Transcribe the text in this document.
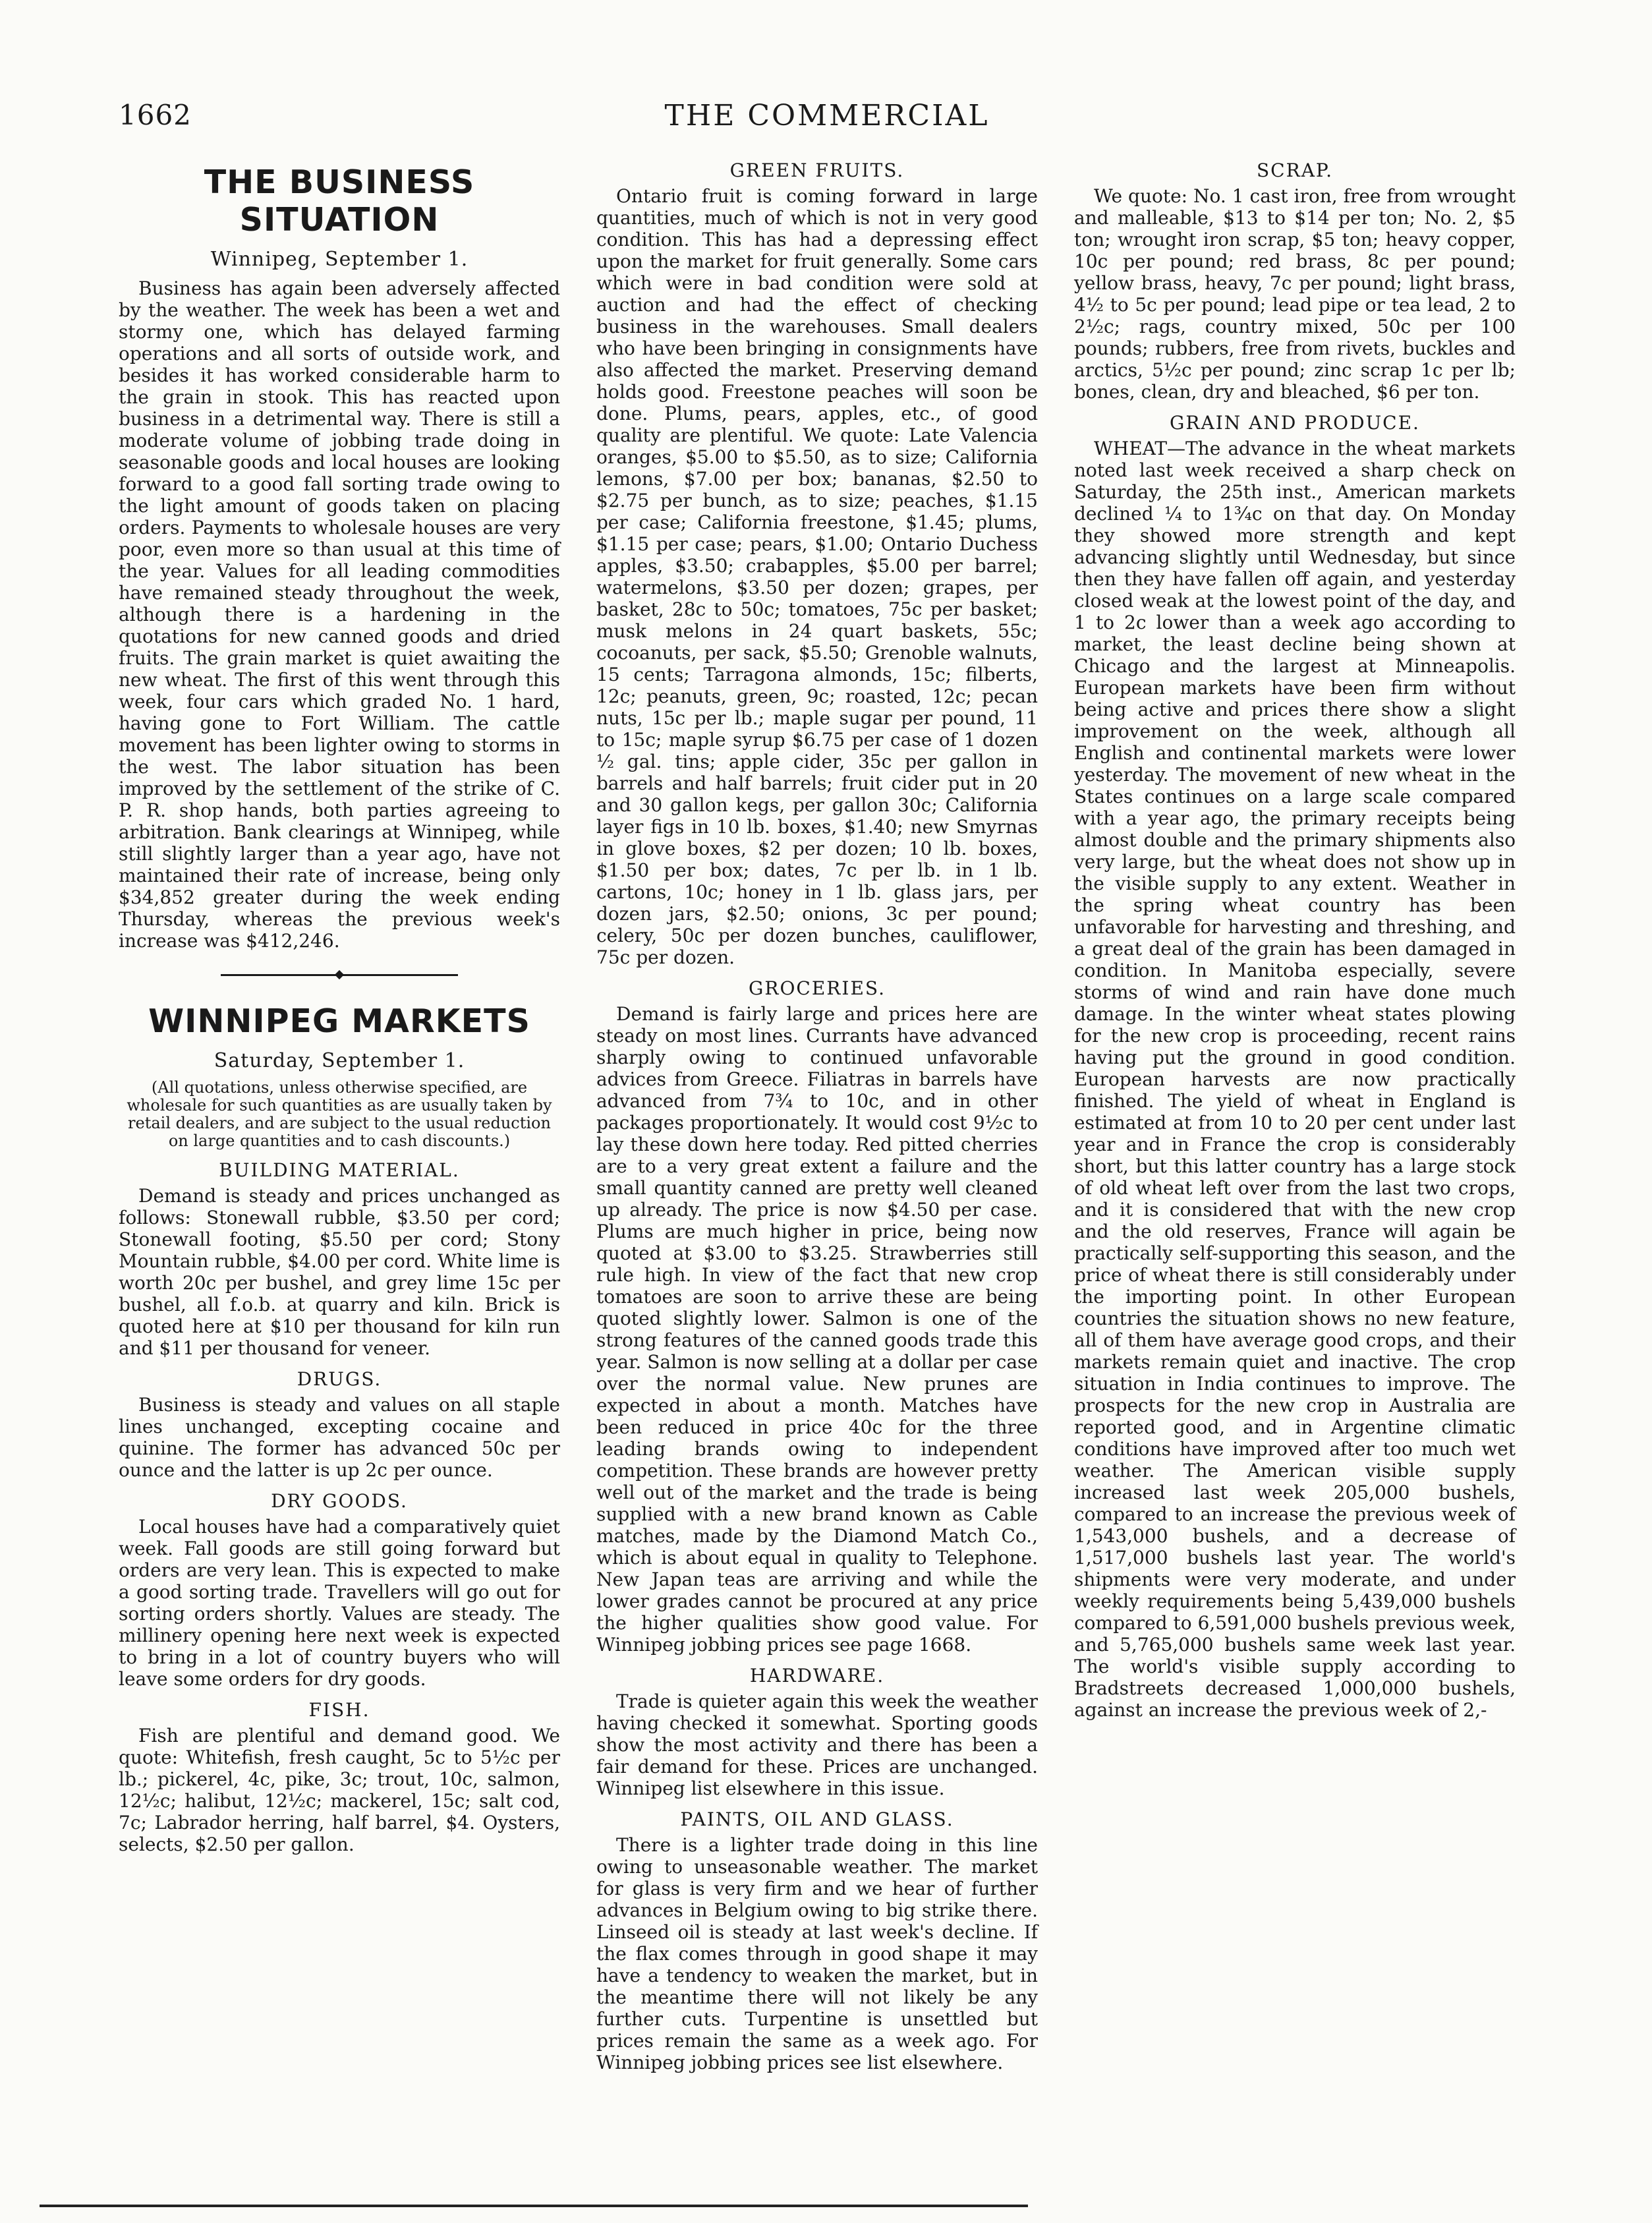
THE COMMERCIAL
1662
THE BUSINESS SITUATION
Winnipeg, September 1.

Business has again been adversely affected by the weather. The week has been a wet and stormy one, which has delayed farming operations and all sorts of outside work, and besides it has worked considerable harm to the grain in stook. This has reacted upon business in a detrimental way. There is still a moderate volume of jobbing trade doing in seasonable goods and local houses are looking forward to a good fall sorting trade owing to the light amount of goods taken on placing orders. Payments to wholesale houses are very poor, even more so than usual at this time of the year. Values for all leading commodities have remained steady throughout the week, although there is a hardening in the quotations for new canned goods and dried fruits. The grain market is quiet awaiting the new wheat. The first of this went through this week, four cars which graded No. 1 hard, having gone to Fort William. The cattle movement has been lighter owing to storms in the west. The labor situation has been improved by the settlement of the strike of C. P. R. shop hands, both parties agreeing to arbitration. Bank clearings at Winnipeg, while still slightly larger than a year ago, have not maintained their rate of increase, being only $34,852 greater during the week ending Thursday, whereas the previous week's increase was $412,246.

WINNIPEG MARKETS
Saturday, September 1.
(All quotations, unless otherwise specified, are wholesale for such quantities as are usually taken by retail dealers, and are subject to the usual reduction on large quantities and to cash discounts.)
BUILDING MATERIAL.

Demand is steady and prices unchanged as follows: Stonewall rubble, $3.50 per cord; Stonewall footing, $5.50 per cord; Stony Mountain rubble, $4.00 per cord. White lime is worth 20c per bushel, and grey lime 15c per bushel, all f.o.b. at quarry and kiln. Brick is quoted here at $10 per thousand for kiln run and $11 per thousand for veneer.

DRUGS.

Business is steady and values on all staple lines unchanged, excepting cocaine and quinine. The former has advanced 50c per ounce and the latter is up 2c per ounce.

DRY GOODS.

Local houses have had a comparatively quiet week. Fall goods are still going forward but orders are very lean. This is expected to make a good sorting trade. Travellers will go out for sorting orders shortly. Values are steady. The millinery opening here next week is expected to bring in a lot of country buyers who will leave some orders for dry goods.

FISH.

Fish are plentiful and demand good. We quote: Whitefish, fresh caught, 5c to 5½c per lb.; pickerel, 4c, pike, 3c; trout, 10c, salmon, 12½c; halibut, 12½c; mackerel, 15c; salt cod, 7c; Labrador herring, half barrel, $4. Oysters, selects, $2.50 per gallon.

GREEN FRUITS.

Ontario fruit is coming forward in large quantities, much of which is not in very good condition. This has had a depressing effect upon the market for fruit generally. Some cars which were in bad condition were sold at auction and had the effect of checking business in the warehouses. Small dealers who have been bringing in consignments have also affected the market. Preserving demand holds good. Freestone peaches will soon be done. Plums, pears, apples, etc., of good quality are plentiful. We quote: Late Valencia oranges, $5.00 to $5.50, as to size; California lemons, $7.00 per box; bananas, $2.50 to $2.75 per bunch, as to size; peaches, $1.15 per case; California freestone, $1.45; plums, $1.15 per case; pears, $1.00; Ontario Duchess apples, $3.50; crabapples, $5.00 per barrel; watermelons, $3.50 per dozen; grapes, per basket, 28c to 50c; tomatoes, 75c per basket; musk melons in 24 quart baskets, 55c; cocoanuts, per sack, $5.50; Grenoble walnuts, 15 cents; Tarragona almonds, 15c; filberts, 12c; peanuts, green, 9c; roasted, 12c; pecan nuts, 15c per lb.; maple sugar per pound, 11 to 15c; maple syrup $6.75 per case of 1 dozen ½ gal. tins; apple cider, 35c per gallon in barrels and half barrels; fruit cider put in 20 and 30 gallon kegs, per gallon 30c; California layer figs in 10 lb. boxes, $1.40; new Smyrnas in glove boxes, $2 per dozen; 10 lb. boxes, $1.50 per box; dates, 7c per lb. in 1 lb. cartons, 10c; honey in 1 lb. glass jars, per dozen jars, $2.50; onions, 3c per pound; celery, 50c per dozen bunches, cauliflower, 75c per dozen.

GROCERIES.

Demand is fairly large and prices here are steady on most lines. Currants have advanced sharply owing to continued unfavorable advices from Greece. Filiatras in barrels have advanced from 7¾ to 10c, and in other packages proportionately. It would cost 9½c to lay these down here today. Red pitted cherries are to a very great extent a failure and the small quantity canned are pretty well cleaned up already. The price is now $4.50 per case. Plums are much higher in price, being now quoted at $3.00 to $3.25. Strawberries still rule high. In view of the fact that new crop tomatoes are soon to arrive these are being quoted slightly lower. Salmon is one of the strong features of the canned goods trade this year. Salmon is now selling at a dollar per case over the normal value. New prunes are expected in about a month. Matches have been reduced in price 40c for the three leading brands owing to independent competition. These brands are however pretty well out of the market and the trade is being supplied with a new brand known as Cable matches, made by the Diamond Match Co., which is about equal in quality to Telephone. New Japan teas are arriving and while the lower grades cannot be procured at any price the higher qualities show good value. For Winnipeg jobbing prices see page 1668.

HARDWARE.

Trade is quieter again this week the weather having checked it somewhat. Sporting goods show the most activity and there has been a fair demand for these. Prices are unchanged. Winnipeg list elsewhere in this issue.

PAINTS, OIL AND GLASS.

There is a lighter trade doing in this line owing to unseasonable weather. The market for glass is very firm and we hear of further advances in Belgium owing to big strike there. Linseed oil is steady at last week's decline. If the flax comes through in good shape it may have a tendency to weaken the market, but in the meantime there will not likely be any further cuts. Turpentine is unsettled but prices remain the same as a week ago. For Winnipeg jobbing prices see list elsewhere.

SCRAP.

We quote: No. 1 cast iron, free from wrought and malleable, $13 to $14 per ton; No. 2, $5 ton; wrought iron scrap, $5 ton; heavy copper, 10c per pound; red brass, 8c per pound; yellow brass, heavy, 7c per pound; light brass, 4½ to 5c per pound; lead pipe or tea lead, 2 to 2½c; rags, country mixed, 50c per 100 pounds; rubbers, free from rivets, buckles and arctics, 5½c per pound; zinc scrap 1c per lb; bones, clean, dry and bleached, $6 per ton.

GRAIN AND PRODUCE.

WHEAT—The advance in the wheat markets noted last week received a sharp check on Saturday, the 25th inst., American markets declined ¼ to 1¾c on that day. On Monday they showed more strength and kept advancing slightly until Wednesday, but since then they have fallen off again, and yesterday closed weak at the lowest point of the day, and 1 to 2c lower than a week ago according to market, the least decline being shown at Chicago and the largest at Minneapolis. European markets have been firm without being active and prices there show a slight improvement on the week, although all English and continental markets were lower yesterday. The movement of new wheat in the States continues on a large scale compared with a year ago, the primary receipts being almost double and the primary shipments also very large, but the wheat does not show up in the visible supply to any extent. Weather in the spring wheat country has been unfavorable for harvesting and threshing, and a great deal of the grain has been damaged in condition. In Manitoba especially, severe storms of wind and rain have done much damage. In the winter wheat states plowing for the new crop is proceeding, recent rains having put the ground in good condition. European harvests are now practically finished. The yield of wheat in England is estimated at from 10 to 20 per cent under last year and in France the crop is considerably short, but this latter country has a large stock of old wheat left over from the last two crops, and it is considered that with the new crop and the old reserves, France will again be practically self-supporting this season, and the price of wheat there is still considerably under the importing point. In other European countries the situation shows no new feature, all of them have average good crops, and their markets remain quiet and inactive. The crop situation in India continues to improve. The prospects for the new crop in Australia are reported good, and in Argentine climatic conditions have improved after too much wet weather. The American visible supply increased last week 205,000 bushels, compared to an increase the previous week of 1,543,000 bushels, and a decrease of 1,517,000 bushels last year. The world's shipments were very moderate, and under weekly requirements being 5,439,000 bushels compared to 6,591,000 bushels previous week, and 5,765,000 bushels same week last year. The world's visible supply according to Bradstreets decreased 1,000,000 bushels, against an increase the previous week of 2,-
